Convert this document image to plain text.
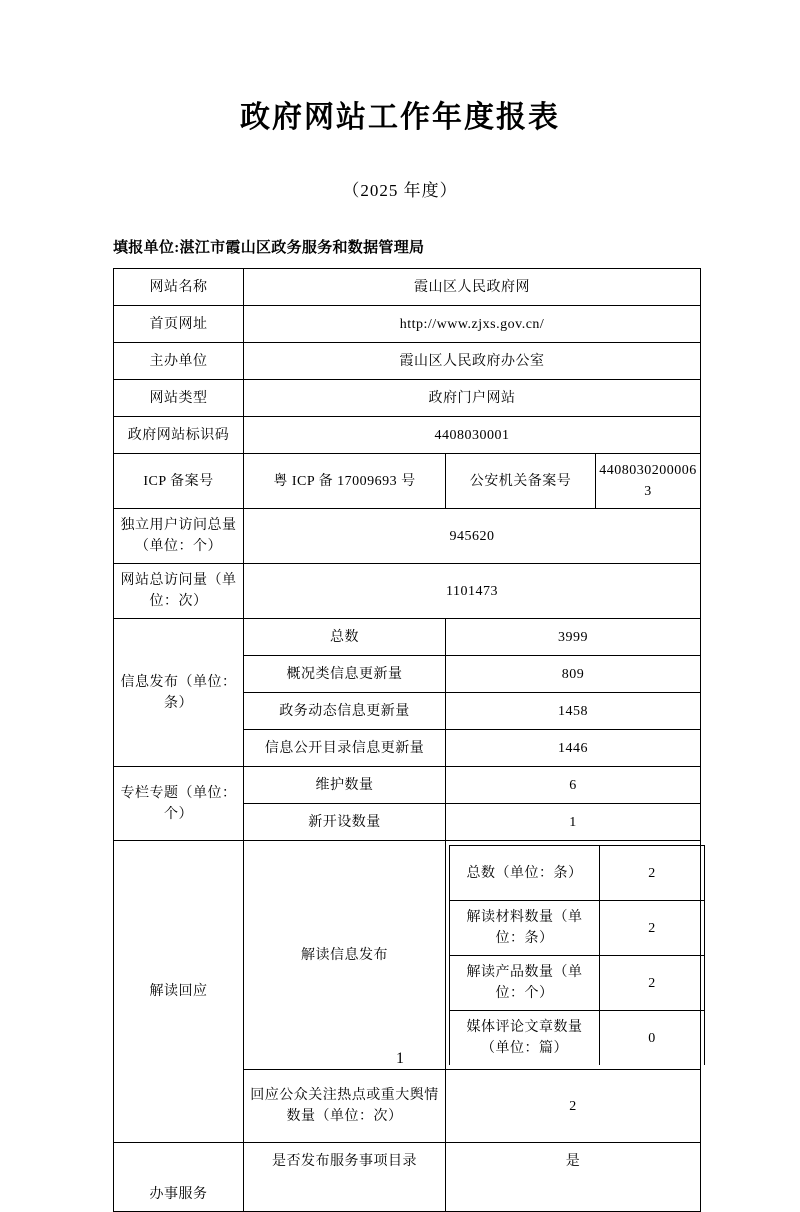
政府网站工作年度报表

（2025 年度）

填报单位:湛江市霞山区政务服务和数据管理局
网站名称	霞山区人民政府网
首页网址	http://www.zjxs.gov.cn/
主办单位	霞山区人民政府办公室
网站类型	政府门户网站
政府网站标识码	4408030001
ICP 备案号	粤 ICP 备 17009693 号	公安机关备案号	44080302000063
独立用户访问总量（单位：个）	945620
网站总访问量（单位：次）	1101473
信息发布（单位：条）	总数	3999
概况类信息更新量	809
政务动态信息更新量	1458
信息公开目录信息更新量	1446
专栏专题（单位：个）	维护数量	6
新开设数量	1
解读回应	解读信息发布	
总数（单位：条）	2
解读材料数量（单位：条）	2
解读产品数量（单位：个）	2
媒体评论文章数量（单位：篇）	0

回应公众关注热点或重大舆情数量（单位：次）	2
办事服务	是否发布服务事项目录	是
1
